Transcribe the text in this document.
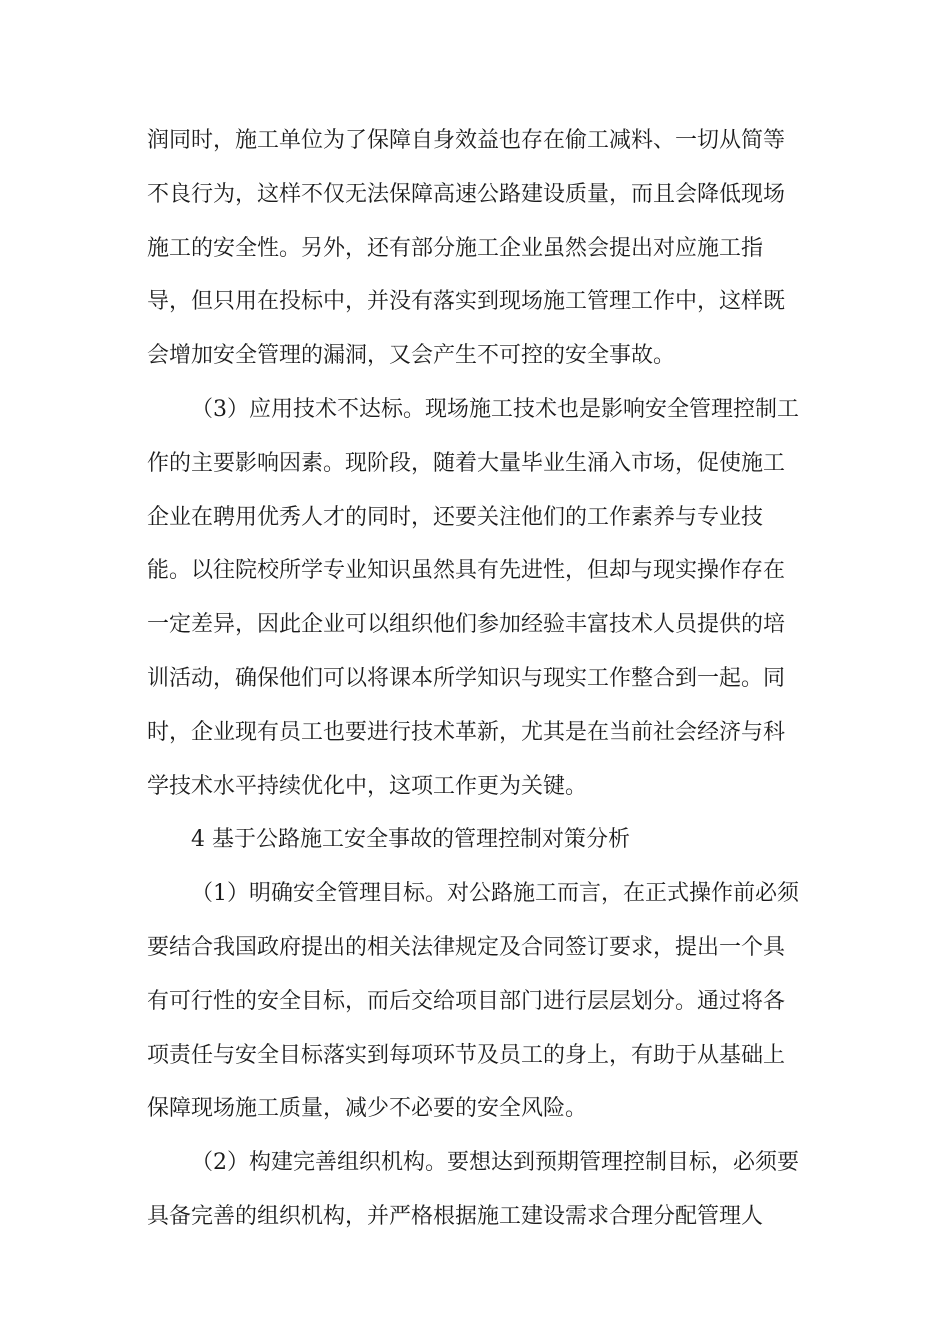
润同时，施工单位为了保障自身效益也存在偷工减料、一切从简等
不良行为，这样不仅无法保障高速公路建设质量，而且会降低现场
施工的安全性。另外，还有部分施工企业虽然会提出对应施工指
导，但只用在投标中，并没有落实到现场施工管理工作中，这样既
会增加安全管理的漏洞，又会产生不可控的安全事故。
（3）应用技术不达标。现场施工技术也是影响安全管理控制工
作的主要影响因素。现阶段，随着大量毕业生涌入市场，促使施工
企业在聘用优秀人才的同时，还要关注他们的工作素养与专业技
能。以往院校所学专业知识虽然具有先进性，但却与现实操作存在
一定差异，因此企业可以组织他们参加经验丰富技术人员提供的培
训活动，确保他们可以将课本所学知识与现实工作整合到一起。同
时，企业现有员工也要进行技术革新，尤其是在当前社会经济与科
学技术水平持续优化中，这项工作更为关键。
4 基于公路施工安全事故的管理控制对策分析
（1）明确安全管理目标。对公路施工而言，在正式操作前必须
要结合我国政府提出的相关法律规定及合同签订要求，提出一个具
有可行性的安全目标，而后交给项目部门进行层层划分。通过将各
项责任与安全目标落实到每项环节及员工的身上，有助于从基础上
保障现场施工质量，减少不必要的安全风险。
（2）构建完善组织机构。要想达到预期管理控制目标，必须要
具备完善的组织机构，并严格根据施工建设需求合理分配管理人
